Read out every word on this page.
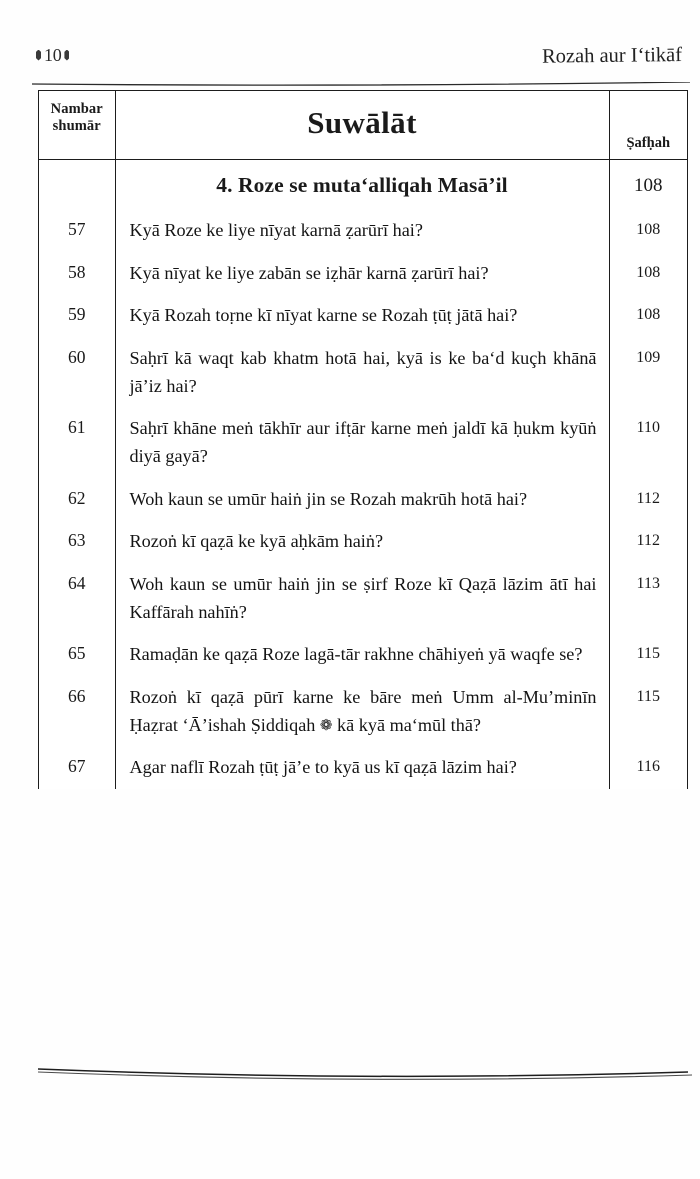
10	Rozah aur I‘tikāf
Nambar
shumār	Suwālāt	Ṣafḥah
	4. Roze se muta‘alliqah Masā’il	108
57	Kyā Roze ke liye nīyat karnā ẓarūrī hai?	108
58	Kyā nīyat ke liye zabān se iẓhār karnā ẓarūrī hai?	108
59	Kyā Rozah toṛne kī nīyat karne se Rozah ṭūṭ jātā hai?	108
60	Saḥrī kā waqt kab khatm hotā hai, kyā is ke ba‘d kuçh khānā jā’iz hai?	109
61	Saḥrī khāne meṅ tākhīr aur ifṭār karne meṅ jaldī kā ḥukm kyūṅ diyā gayā?	110
62	Woh kaun se umūr haiṅ jin se Rozah makrūh hotā hai?	112
63	Rozoṅ kī qaẓā ke kyā aḥkām haiṅ?	112
64	Woh kaun se umūr haiṅ jin se ṣirf Roze kī Qaẓā lāzim ātī hai Kaffārah nahīṅ?	113
65	Ramaḍān ke qaẓā Roze lagā-tār rakhne chāhiyeṅ yā waqfe se?	115
66	Rozoṅ kī qaẓā pūrī karne ke bāre meṅ Umm al-Mu’minīn Ḥaẓrat ‘Ā’ishah Ṣiddiqah ❁ kā kyā ma‘mūl thā?	115
67	Agar naflī Rozah ṭūṭ jā’e to kyā us kī qaẓā lāzim hai?	116
